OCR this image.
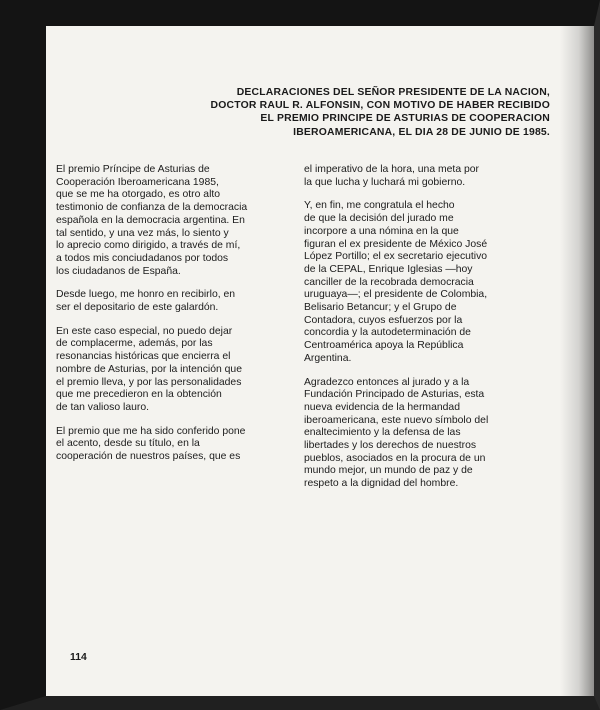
DECLARACIONES DEL SEÑOR PRESIDENTE DE LA NACION,
DOCTOR RAUL R. ALFONSIN, CON MOTIVO DE HABER RECIBIDO
EL PREMIO PRINCIPE DE ASTURIAS DE COOPERACION
IBEROAMERICANA, EL DIA 28 DE JUNIO DE 1985.
El premio Príncipe de Asturias de
Cooperación Iberoamericana 1985,
que se me ha otorgado, es otro alto
testimonio de confianza de la democracia
española en la democracia argentina. En
tal sentido, y una vez más, lo siento y
lo aprecio como dirigido, a través de mí,
a todos mis conciudadanos por todos
los ciudadanos de España.
Desde luego, me honro en recibirlo, en
ser el depositario de este galardón.
En este caso especial, no puedo dejar
de complacerme, además, por las
resonancias históricas que encierra el
nombre de Asturias, por la intención que
el premio lleva, y por las personalidades
que me precedieron en la obtención
de tan valioso lauro.
El premio que me ha sido conferido pone
el acento, desde su título, en la
cooperación de nuestros países, que es
el imperativo de la hora, una meta por
la que lucha y luchará mi gobierno.
Y, en fin, me congratula el hecho
de que la decisión del jurado me
incorpore a una nómina en la que
figuran el ex presidente de México José
López Portillo; el ex secretario ejecutivo
de la CEPAL, Enrique Iglesias —hoy
canciller de la recobrada democracia
uruguaya—; el presidente de Colombia,
Belisario Betancur; y el Grupo de
Contadora, cuyos esfuerzos por la
concordia y la autodeterminación de
Centroamérica apoya la República
Argentina.
Agradezco entonces al jurado y a la
Fundación Principado de Asturias, esta
nueva evidencia de la hermandad
iberoamericana, este nuevo símbolo del
enaltecimiento y la defensa de las
libertades y los derechos de nuestros
pueblos, asociados en la procura de un
mundo mejor, un mundo de paz y de
respeto a la dignidad del hombre.
114
